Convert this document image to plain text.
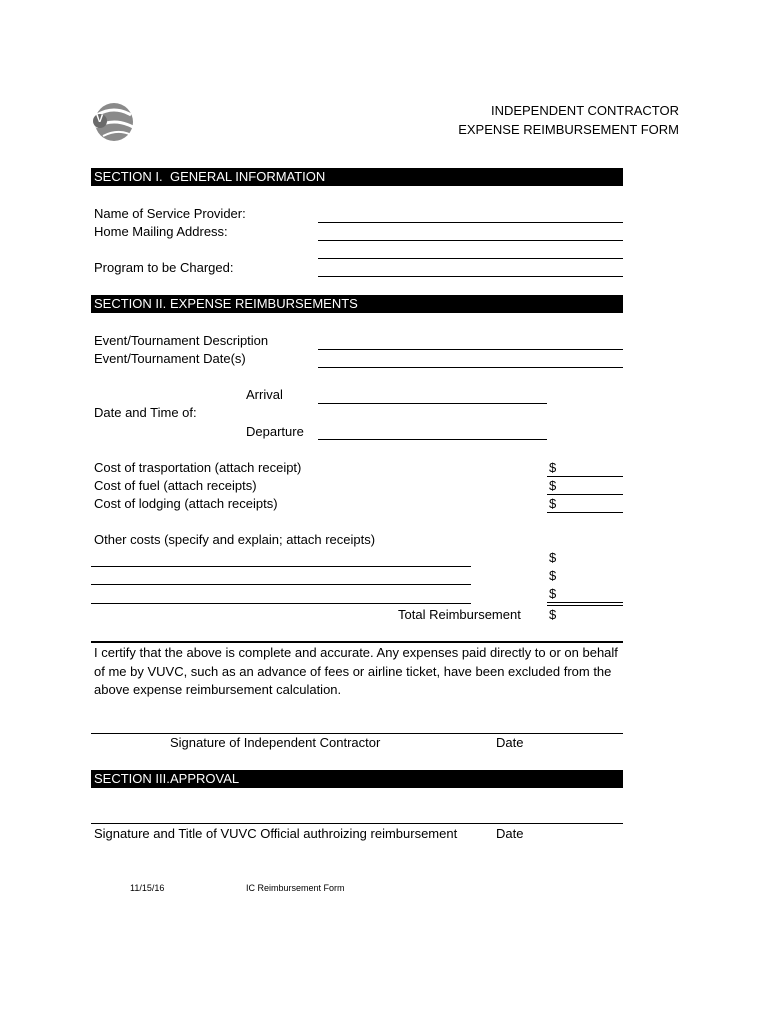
V
INDEPENDENT CONTRACTOR
EXPENSE REIMBURSEMENT FORM
SECTION I. GENERAL INFORMATION
Name of Service Provider:
Home Mailing Address:
Program to be Charged:
SECTION II. EXPENSE REIMBURSEMENTS
Event/Tournament Description
Event/Tournament Date(s)
Arrival
Date and Time of:
Departure
Cost of trasportation (attach receipt)	$
Cost of fuel (attach receipts)	$
Cost of lodging (attach receipts)	$
Other costs (specify and explain; attach receipts)
$
$
$
Total Reimbursement $
I certify that the above is complete and accurate. Any expenses paid directly to or on behalf of me by VUVC, such as an advance of fees or airline ticket, have been excluded from the above expense reimbursement calculation.
Signature of Independent Contractor	Date
SECTION III. APPROVAL
Signature and Title of VUVC Official authroizing reimbursement	Date
11/15/16	IC Reimbursement Form
